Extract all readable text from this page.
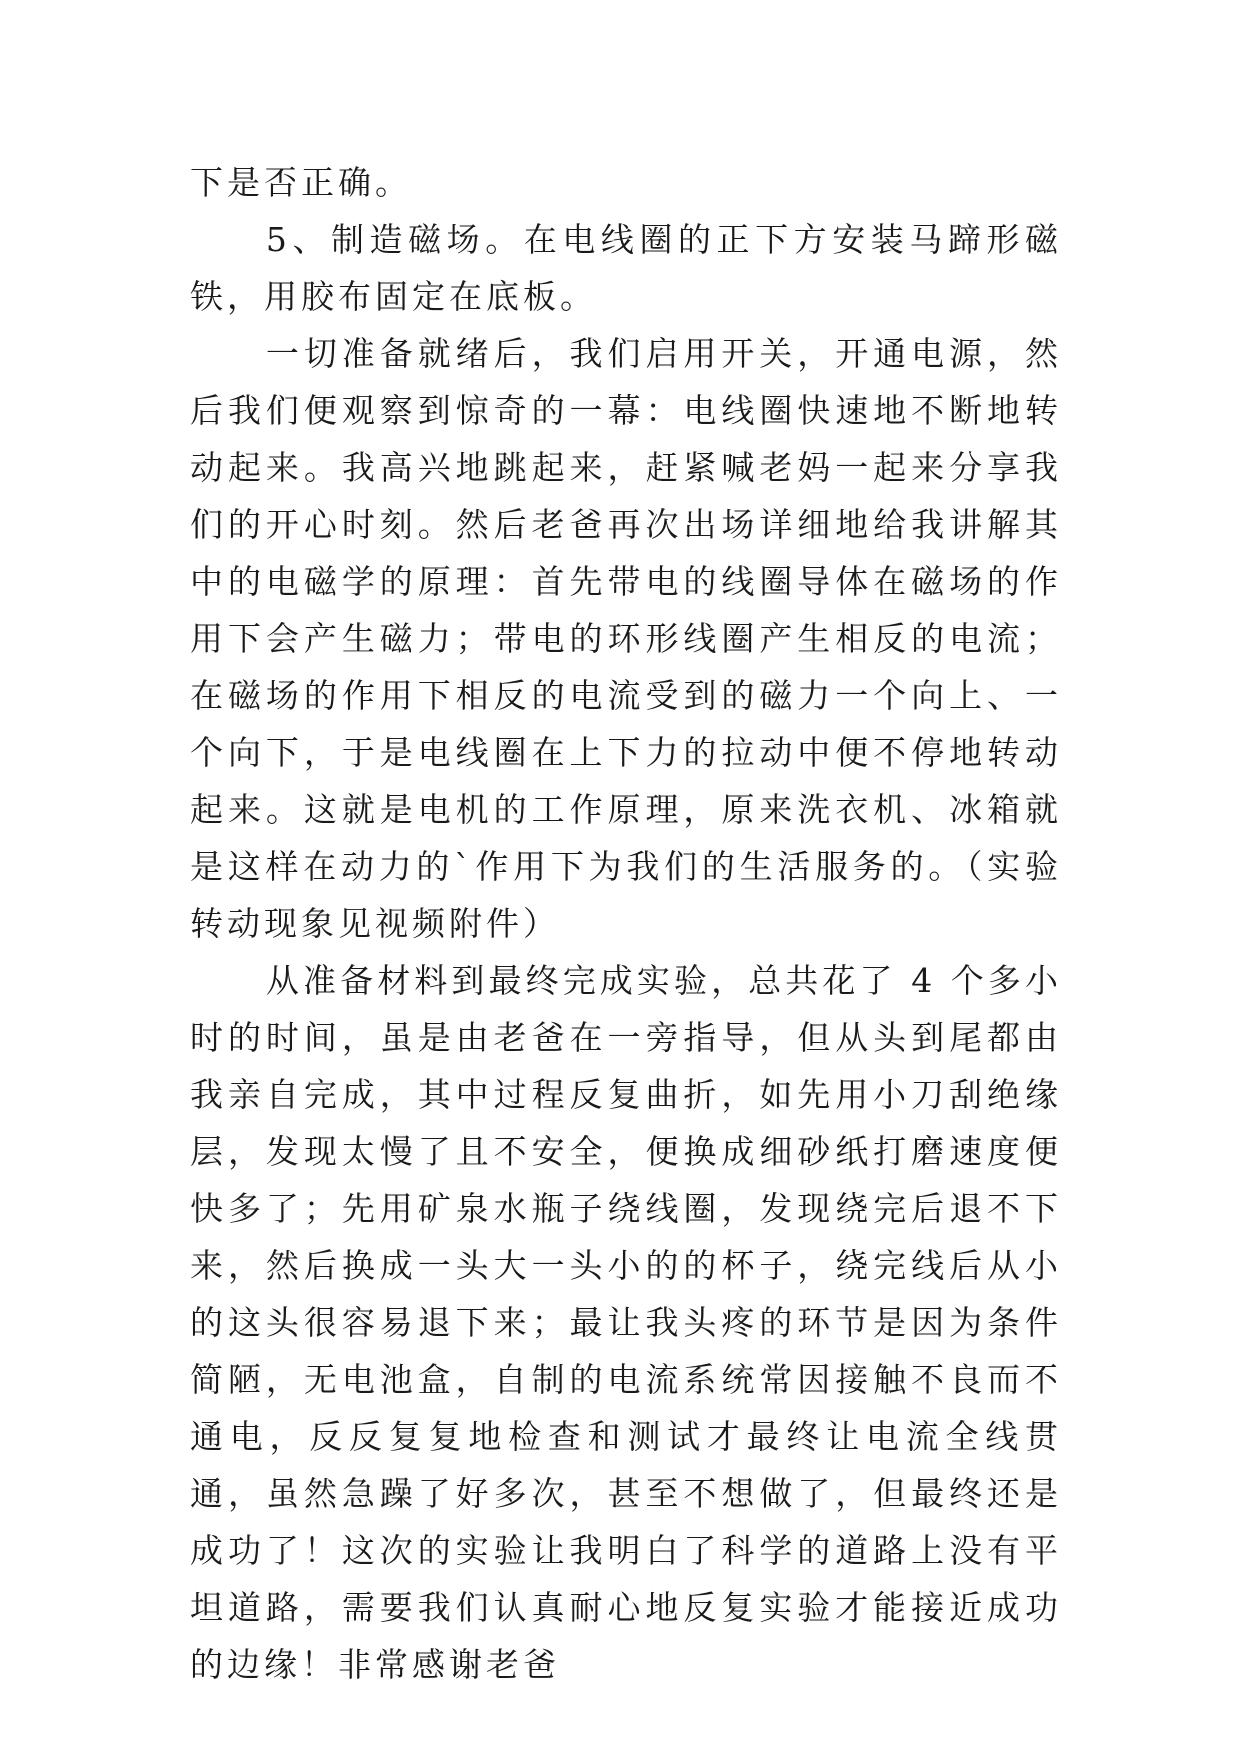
下是否正确。

5、制造磁场。在电线圈的正下方安装马蹄形磁铁，用胶布固定在底板。

一切准备就绪后，我们启用开关，开通电源，然后我们便观察到惊奇的一幕：电线圈快速地不断地转动起来。我高兴地跳起来，赶紧喊老妈一起来分享我们的开心时刻。然后老爸再次出场详细地给我讲解其中的电磁学的原理：首先带电的线圈导体在磁场的作用下会产生磁力；带电的环形线圈产生相反的电流；在磁场的作用下相反的电流受到的磁力一个向上、一个向下，于是电线圈在上下力的拉动中便不停地转动起来。这就是电机的工作原理，原来洗衣机、冰箱就是这样在动力的`作用下为我们的生活服务的。（实验转动现象见视频附件）

从准备材料到最终完成实验，总共花了 4 个多小时的时间，虽是由老爸在一旁指导，但从头到尾都由我亲自完成，其中过程反复曲折，如先用小刀刮绝缘层，发现太慢了且不安全，便换成细砂纸打磨速度便快多了；先用矿泉水瓶子绕线圈，发现绕完后退不下来，然后换成一头大一头小的的杯子，绕完线后从小的这头很容易退下来；最让我头疼的环节是因为条件简陋，无电池盒，自制的电流系统常因接触不良而不通电，反反复复地检查和测试才最终让电流全线贯通，虽然急躁了好多次，甚至不想做了，但最终还是成功了！这次的实验让我明白了科学的道路上没有平坦道路，需要我们认真耐心地反复实验才能接近成功的边缘！非常感谢老爸
